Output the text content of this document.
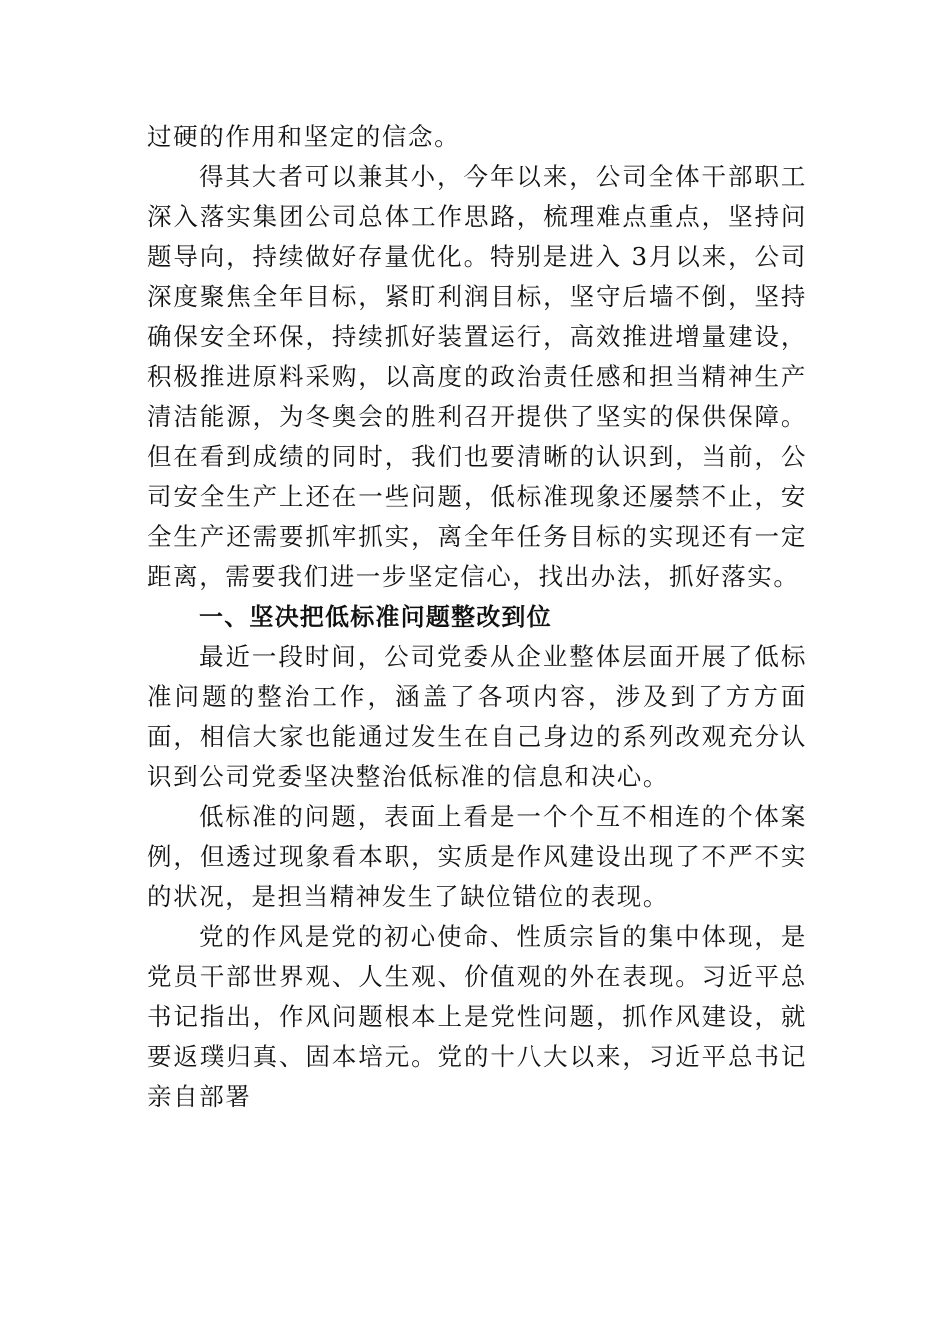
过硬的作用和坚定的信念。

得其大者可以兼其小，今年以来，公司全体干部职工深入落实集团公司总体工作思路，梳理难点重点，坚持问题导向，持续做好存量优化。特别是进入 3月以来，公司深度聚焦全年目标，紧盯利润目标，坚守后墙不倒，坚持确保安全环保，持续抓好装置运行，高效推进增量建设，积极推进原料采购，以高度的政治责任感和担当精神生产清洁能源，为冬奥会的胜利召开提供了坚实的保供保障。但在看到成绩的同时，我们也要清晰的认识到，当前，公司安全生产上还在一些问题，低标准现象还屡禁不止，安全生产还需要抓牢抓实，离全年任务目标的实现还有一定距离，需要我们进一步坚定信心，找出办法，抓好落实。

一、坚决把低标准问题整改到位

最近一段时间，公司党委从企业整体层面开展了低标准问题的整治工作，涵盖了各项内容，涉及到了方方面面，相信大家也能通过发生在自己身边的系列改观充分认识到公司党委坚决整治低标准的信息和决心。

低标准的问题，表面上看是一个个互不相连的个体案例，但透过现象看本职，实质是作风建设出现了不严不实的状况，是担当精神发生了缺位错位的表现。

党的作风是党的初心使命、性质宗旨的集中体现，是党员干部世界观、人生观、价值观的外在表现。习近平总书记指出，作风问题根本上是党性问题，抓作风建设，就要返璞归真、固本培元。党的十八大以来，习近平总书记亲自部署
